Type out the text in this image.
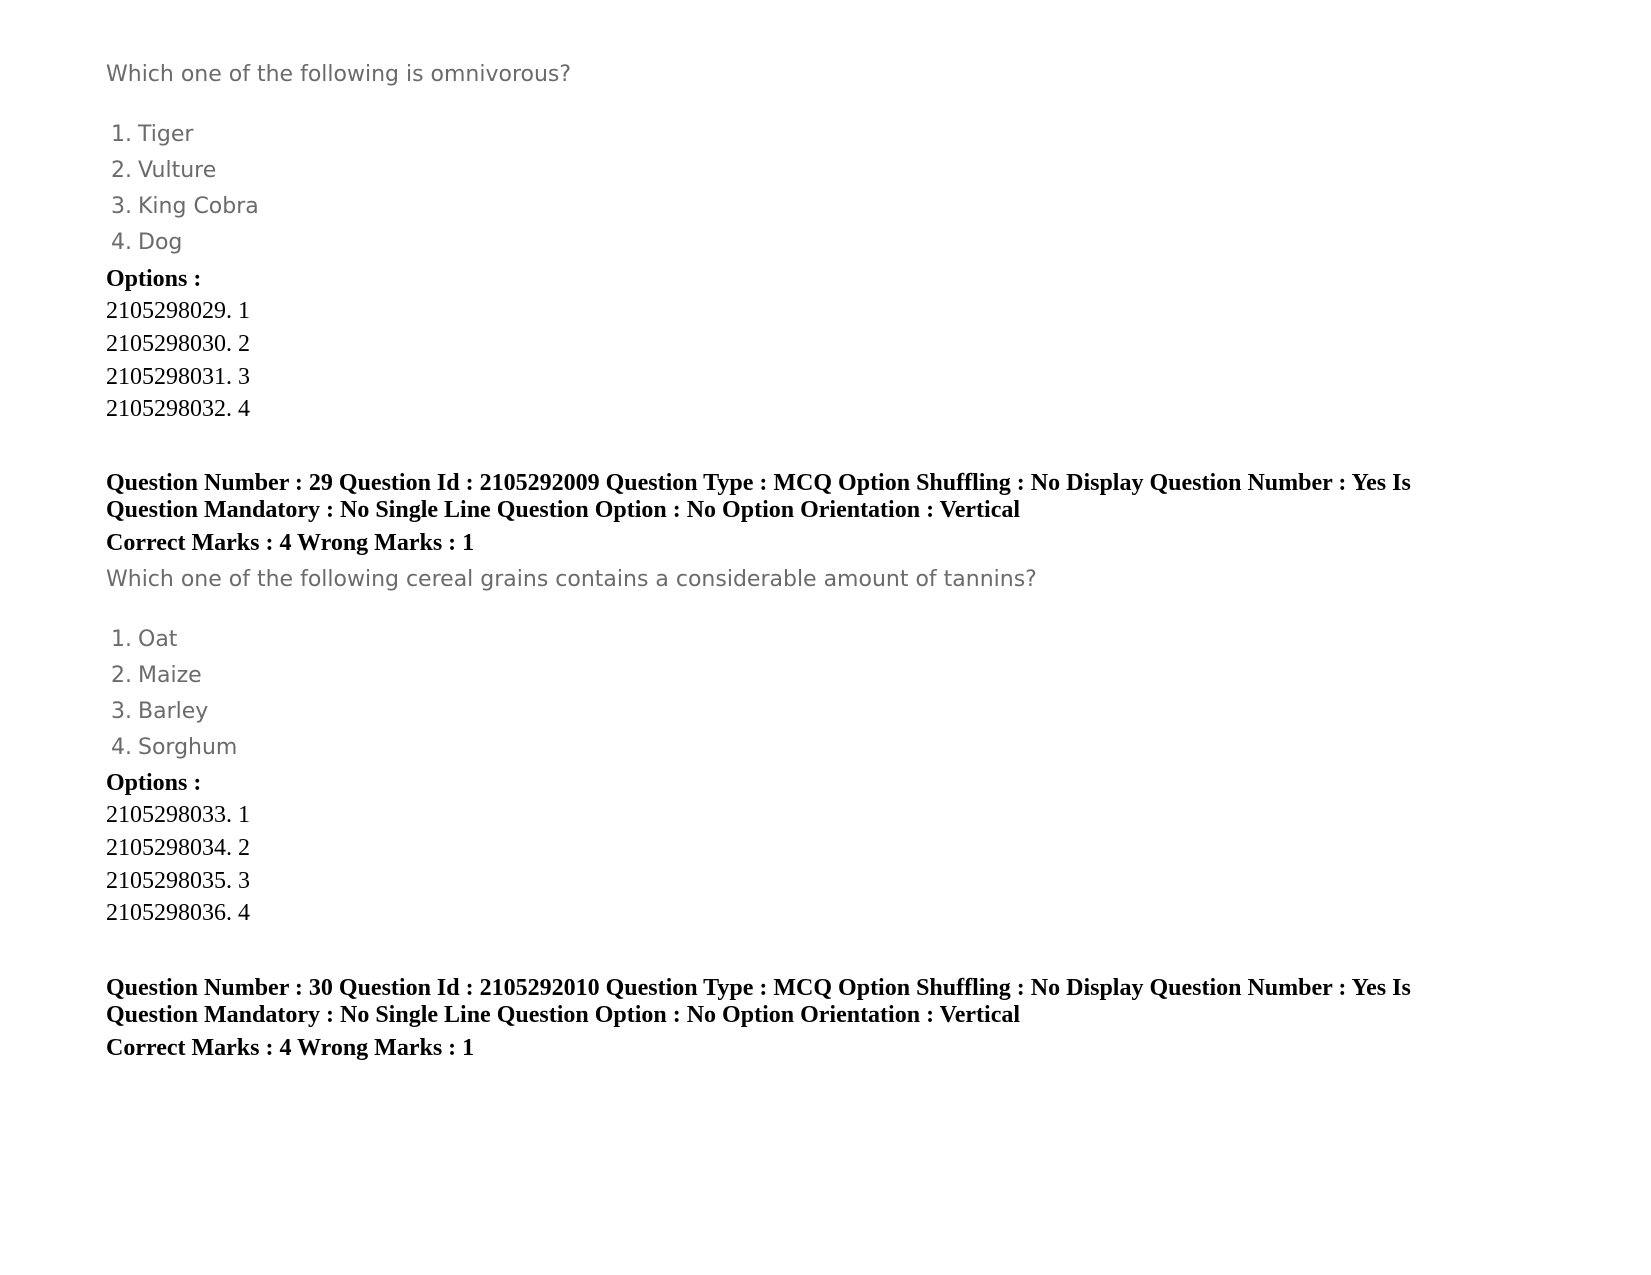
Which one of the following is omnivorous?
1. Tiger
2. Vulture
3. King Cobra
4. Dog
Options :
2105298029. 1
2105298030. 2
2105298031. 3
2105298032. 4
Question Number : 29 Question Id : 2105292009 Question Type : MCQ Option Shuffling : No Display Question Number : Yes Is
Question Mandatory : No Single Line Question Option : No Option Orientation : Vertical
Correct Marks : 4 Wrong Marks : 1
Which one of the following cereal grains contains a considerable amount of tannins?
1. Oat
2. Maize
3. Barley
4. Sorghum
Options :
2105298033. 1
2105298034. 2
2105298035. 3
2105298036. 4
Question Number : 30 Question Id : 2105292010 Question Type : MCQ Option Shuffling : No Display Question Number : Yes Is
Question Mandatory : No Single Line Question Option : No Option Orientation : Vertical
Correct Marks : 4 Wrong Marks : 1
